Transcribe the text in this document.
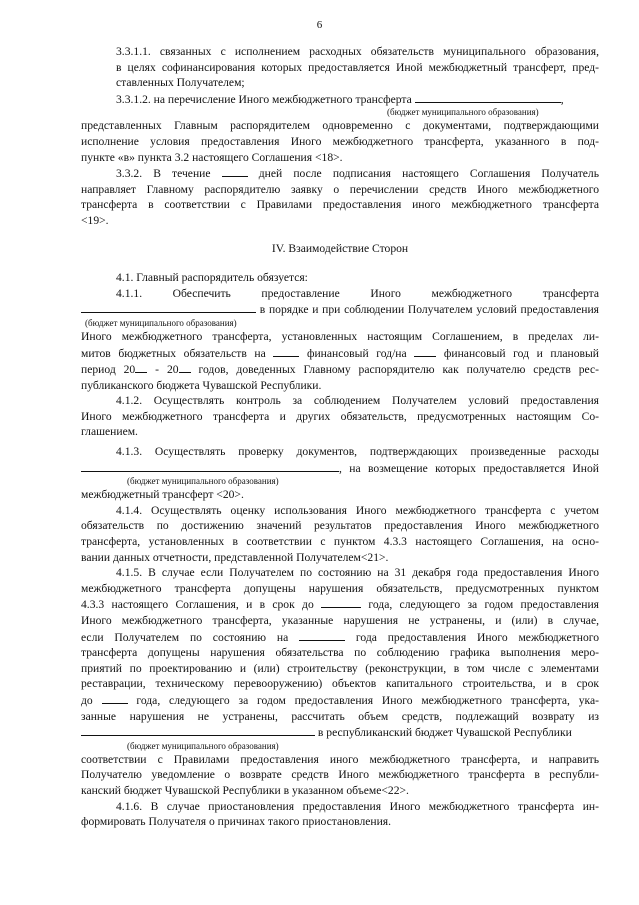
6

3.3.1.1. связанных с исполнением расходных обязательств муниципального образования,
в целях софинансирования которых предоставляется Иной межбюджетный трансферт, пред-
ставленных Получателем;

3.3.1.2. на перечисление Иного межбюджетного трансферта	,
(бюджет муниципального образования)
представленных Главным распорядителем одновременно с документами, подтверждающими
исполнение условия предоставления Иного межбюджетного трансферта, указанного в под-
пункте «в» пункта 3.2 настоящего Соглашения <18>.

3.3.2. В течение	дней после подписания настоящего Соглашения Получатель
направляет Главному распорядителю заявку о перечислении средств Иного межбюджетного
трансферта в соответствии с Правилами предоставления иного межбюджетного трансферта
<19>.

IV. Взаимодействие Сторон

4.1. Главный распорядитель обязуется:

4.1.1. Обеспечить предоставление Иного межбюджетного трансферта
в порядке и при соблюдении Получателем условий предоставления
(бюджет муниципального образования)
Иного межбюджетного трансферта, установленных настоящим Соглашением, в пределах ли-
митов бюджетных обязательств на	финансовый год/на	финансовый год и плановый
период 20 - 20 годов, доведенных Главному распорядителю как получателю средств рес-
публиканского бюджета Чувашской Республики.

4.1.2. Осуществлять контроль за соблюдением Получателем условий предоставления
Иного межбюджетного трансферта и других обязательств, предусмотренных настоящим Со-
глашением.

4.1.3. Осуществлять проверку документов, подтверждающих произведенные расходы
, на возмещение которых предоставляется Иной
(бюджет муниципального образования)
межбюджетный трансферт <20>.

4.1.4. Осуществлять оценку использования Иного межбюджетного трансферта с учетом
обязательств по достижению значений результатов предоставления Иного межбюджетного
трансферта, установленных в соответствии с пунктом 4.3.3 настоящего Соглашения, на осно-
вании данных отчетности, представленной Получателем<21>.

4.1.5. В случае если Получателем по состоянию на 31 декабря года предоставления Иного
межбюджетного трансферта допущены нарушения обязательств, предусмотренных пунктом
4.3.3 настоящего Соглашения, и в срок до	года, следующего за годом предоставления
Иного межбюджетного трансферта, указанные нарушения не устранены, и (или) в случае,
если Получателем по состоянию на	года предоставления Иного межбюджетного
трансферта допущены нарушения обязательства по соблюдению графика выполнения меро-
приятий по проектированию и (или) строительству (реконструкции, в том числе с элементами
реставрации, техническому перевооружению) объектов капитального строительства, и в срок
до	года, следующего за годом предоставления Иного межбюджетного трансферта, ука-
занные нарушения не устранены, рассчитать объем средств, подлежащий возврату из
в республиканский бюджет Чувашской Республики
(бюджет муниципального образования)
соответствии с Правилами предоставления иного межбюджетного трансферта, и направить
Получателю уведомление о возврате средств Иного межбюджетного трансферта в республи-
канский бюджет Чувашской Республики в указанном объеме<22>.

4.1.6. В случае приостановления предоставления Иного межбюджетного трансферта ин-
формировать Получателя о причинах такого приостановления.
